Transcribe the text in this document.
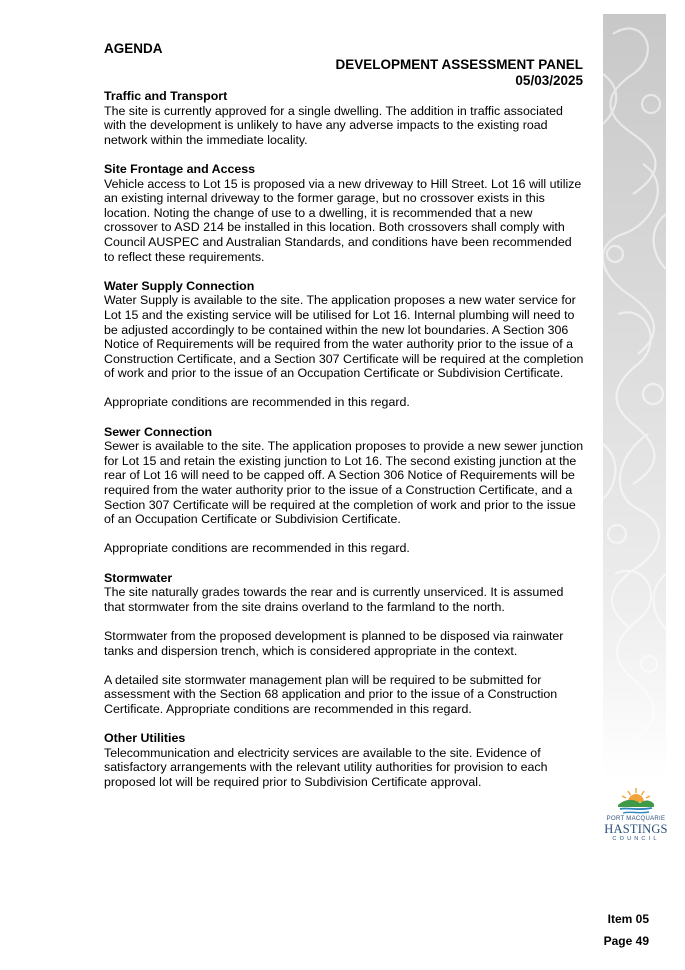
AGENDA
DEVELOPMENT ASSESSMENT PANEL
05/03/2025

Traffic and Transport

The site is currently approved for a single dwelling. The addition in traffic associated with the development is unlikely to have any adverse impacts to the existing road network within the immediate locality.

Site Frontage and Access

Vehicle access to Lot 15 is proposed via a new driveway to Hill Street. Lot 16 will utilize an existing internal driveway to the former garage, but no crossover exists in this location. Noting the change of use to a dwelling, it is recommended that a new crossover to ASD 214 be installed in this location. Both crossovers shall comply with Council AUSPEC and Australian Standards, and conditions have been recommended to reflect these requirements.

Water Supply Connection

Water Supply is available to the site. The application proposes a new water service for Lot 15 and the existing service will be utilised for Lot 16. Internal plumbing will need to be adjusted accordingly to be contained within the new lot boundaries. A Section 306 Notice of Requirements will be required from the water authority prior to the issue of a Construction Certificate, and a Section 307 Certificate will be required at the completion of work and prior to the issue of an Occupation Certificate or Subdivision Certificate.

Appropriate conditions are recommended in this regard.

Sewer Connection

Sewer is available to the site. The application proposes to provide a new sewer junction for Lot 15 and retain the existing junction to Lot 16. The second existing junction at the rear of Lot 16 will need to be capped off. A Section 306 Notice of Requirements will be required from the water authority prior to the issue of a Construction Certificate, and a Section 307 Certificate will be required at the completion of work and prior to the issue of an Occupation Certificate or Subdivision Certificate.

Appropriate conditions are recommended in this regard.

Stormwater

The site naturally grades towards the rear and is currently unserviced. It is assumed that stormwater from the site drains overland to the farmland to the north.

Stormwater from the proposed development is planned to be disposed via rainwater tanks and dispersion trench, which is considered appropriate in the context.

A detailed site stormwater management plan will be required to be submitted for assessment with the Section 68 application and prior to the issue of a Construction Certificate. Appropriate conditions are recommended in this regard.

Other Utilities

Telecommunication and electricity services are available to the site. Evidence of satisfactory arrangements with the relevant utility authorities for provision to each proposed lot will be required prior to Subdivision Certificate approval.

PORT MACQUARIE
HASTINGS
COUNCIL
Item 05
Page 49
